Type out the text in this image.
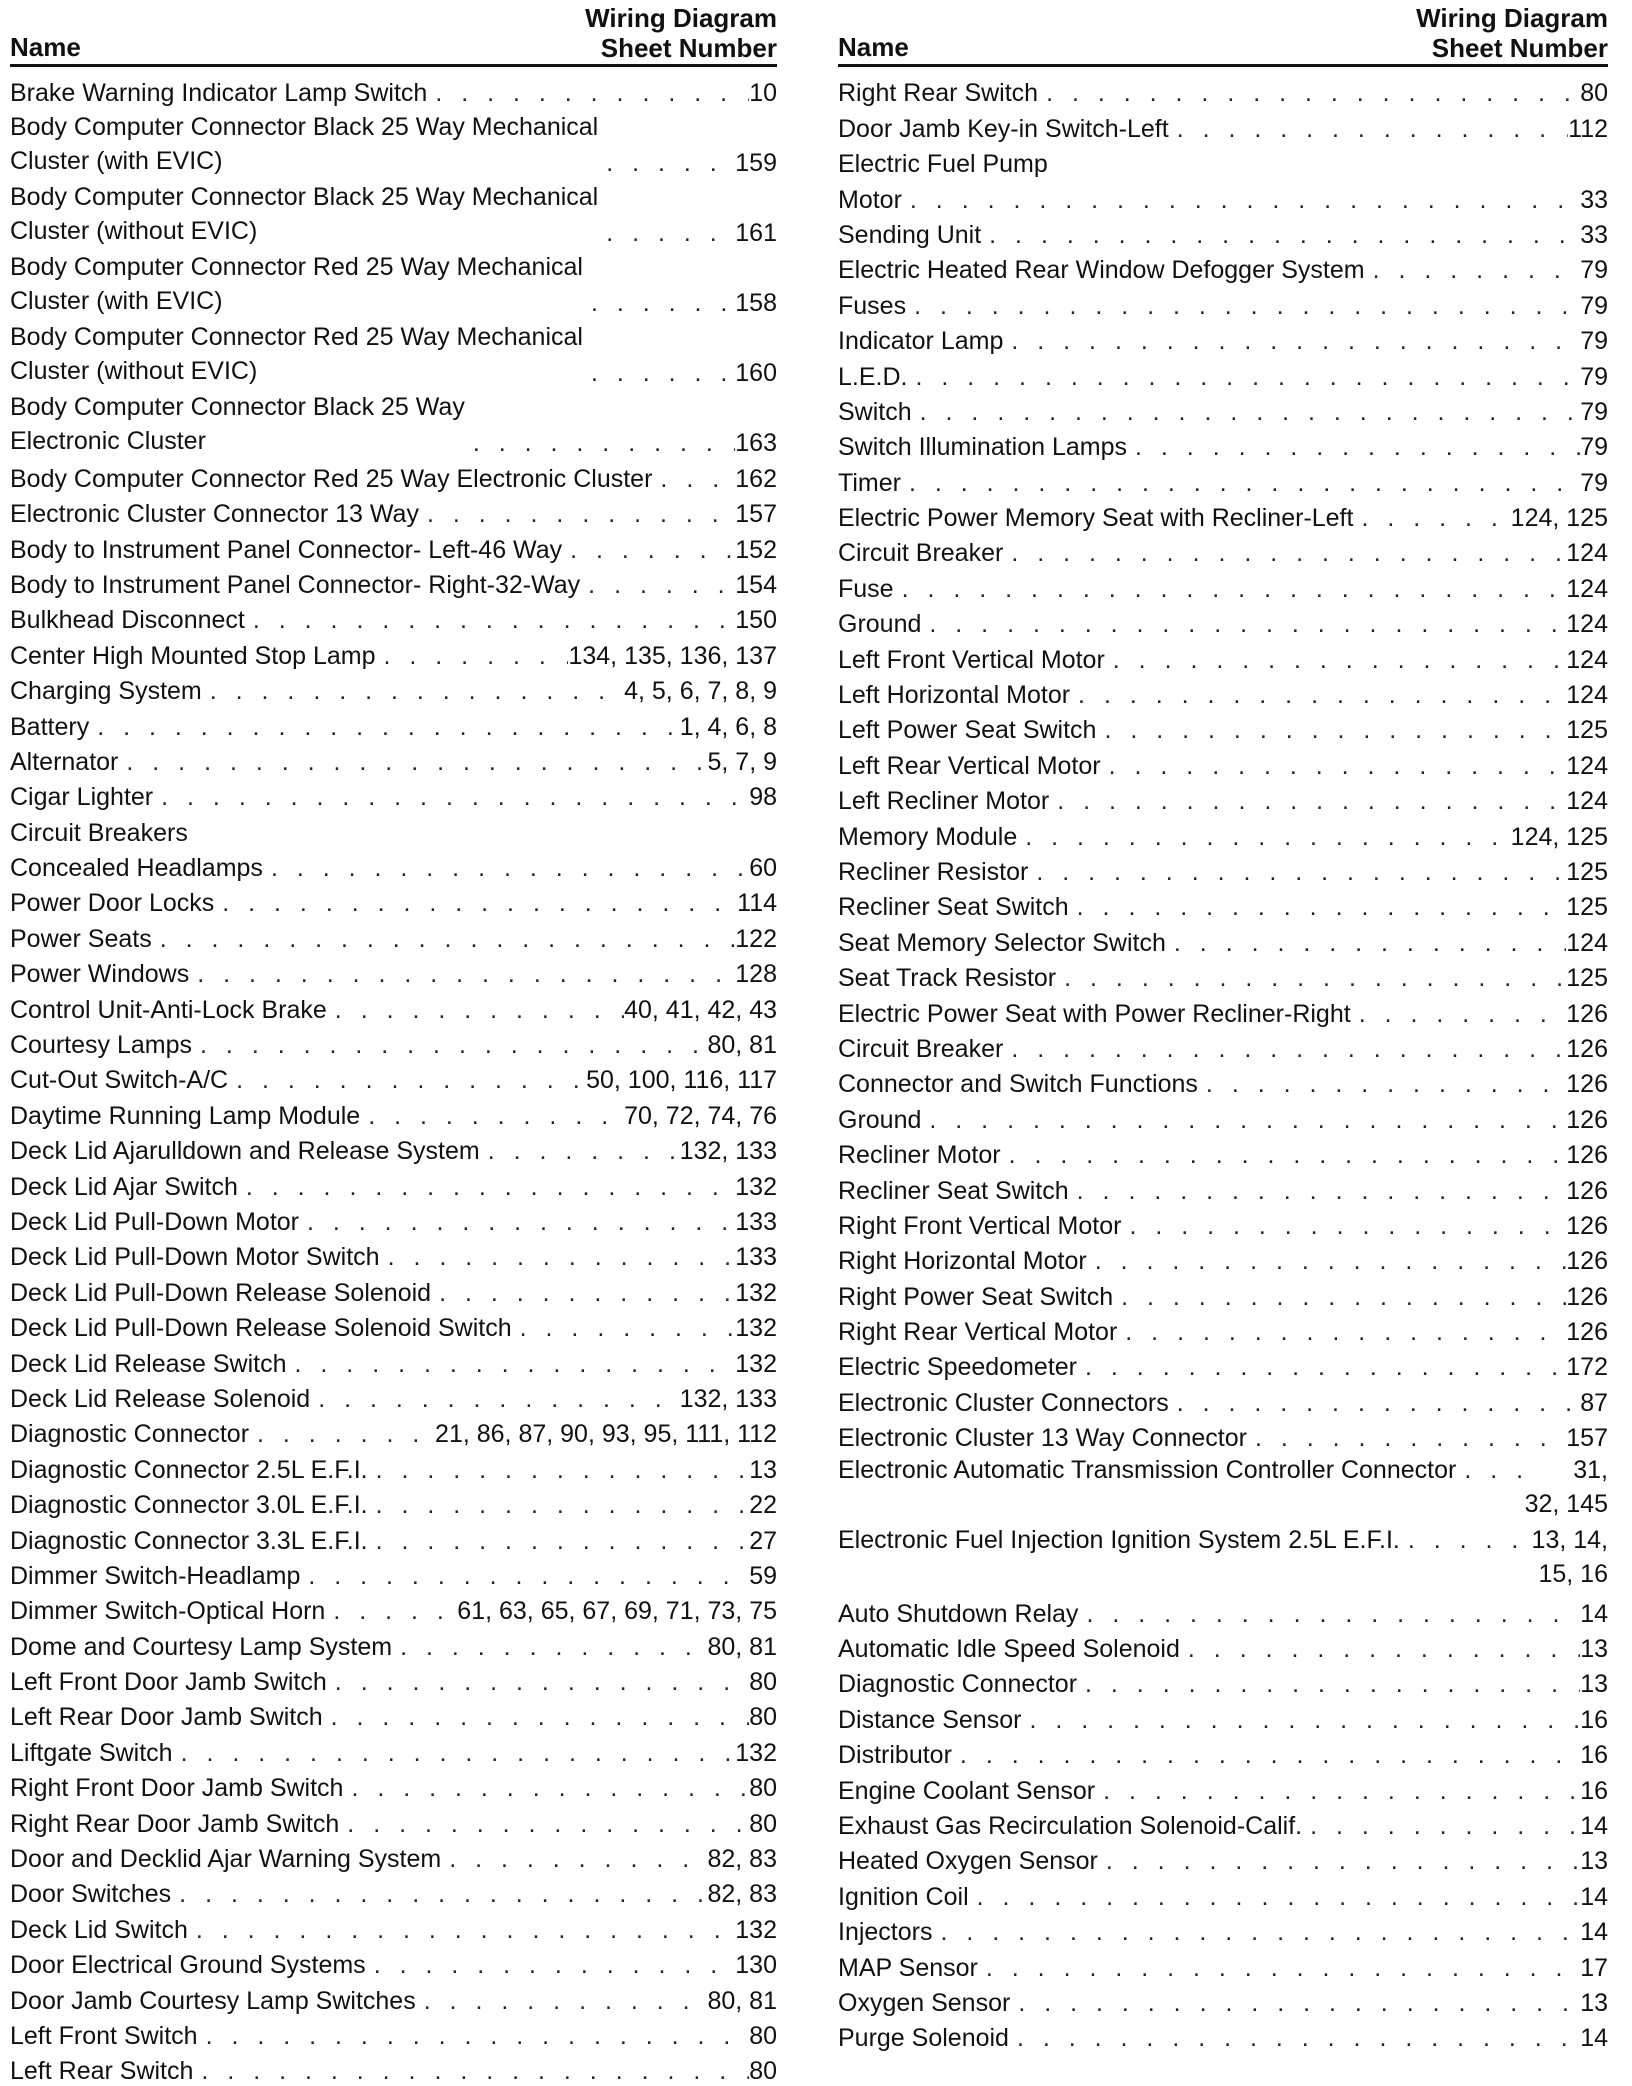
Name
Wiring Diagram
Sheet Number
Brake Warning Indicator Lamp Switch . . .	10
Body Computer Connector Black 25 Way Mechanical
Cluster (with EVIC) . . .	159
Body Computer Connector Black 25 Way Mechanical
Cluster (without EVIC) . . .	161
Body Computer Connector Red 25 Way Mechanical
Cluster (with EVIC) . . .	158
Body Computer Connector Red 25 Way Mechanical
Cluster (without EVIC) . . .	160
Body Computer Connector Black 25 Way
Electronic Cluster . . .	163
Body Computer Connector Red 25 Way Electronic Cluster . . .	162
Electronic Cluster Connector 13 Way . . .	157
Body to Instrument Panel Connector- Left-46 Way . . .	152
Body to Instrument Panel Connector- Right-32-Way . . .	154
Bulkhead Disconnect . . .	150
Center High Mounted Stop Lamp . . .	134, 135, 136, 137
Charging System . . .	4, 5, 6, 7, 8, 9
Battery . . .	1, 4, 6, 8
Alternator . . .	5, 7, 9
Cigar Lighter . . .	98
Circuit Breakers
Concealed Headlamps . . .	60
Power Door Locks . . .	114
Power Seats . . .	122
Power Windows . . .	128
Control Unit-Anti-Lock Brake . . .	40, 41, 42, 43
Courtesy Lamps . . .	80, 81
Cut-Out Switch-A/C . . .	50, 100, 116, 117
Daytime Running Lamp Module . . .	70, 72, 74, 76
Deck Lid Ajarulldown and Release System . . .	132, 133
Deck Lid Ajar Switch . . .	132
Deck Lid Pull-Down Motor . . .	133
Deck Lid Pull-Down Motor Switch . . .	133
Deck Lid Pull-Down Release Solenoid . . .	132
Deck Lid Pull-Down Release Solenoid Switch . . .	132
Deck Lid Release Switch . . .	132
Deck Lid Release Solenoid . . .	132, 133
Diagnostic Connector . . .	21, 86, 87, 90, 93, 95, 111, 112
Diagnostic Connector 2.5L E.F.I. . . .	13
Diagnostic Connector 3.0L E.F.I. . . .	22
Diagnostic Connector 3.3L E.F.I. . . .	27
Dimmer Switch-Headlamp . . .	59
Dimmer Switch-Optical Horn . . .	61, 63, 65, 67, 69, 71, 73, 75
Dome and Courtesy Lamp System . . .	80, 81
Left Front Door Jamb Switch . . .	80
Left Rear Door Jamb Switch . . .	80
Liftgate Switch . . .	132
Right Front Door Jamb Switch . . .	80
Right Rear Door Jamb Switch . . .	80
Door and Decklid Ajar Warning System . . .	82, 83
Door Switches . . .	82, 83
Deck Lid Switch . . .	132
Door Electrical Ground Systems . . .	130
Door Jamb Courtesy Lamp Switches . . .	80, 81
Left Front Switch . . .	80
Left Rear Switch . . .	80
Name
Wiring Diagram
Sheet Number
Right Rear Switch . . .	80
Door Jamb Key-in Switch-Left . . .	112
Electric Fuel Pump
Motor . . .	33
Sending Unit . . .	33
Electric Heated Rear Window Defogger System . . .	79
Fuses . . .	79
Indicator Lamp . . .	79
L.E.D. . . .	79
Switch . . .	79
Switch Illumination Lamps . . .	79
Timer . . .	79
Electric Power Memory Seat with Recliner-Left . . .	124, 125
Circuit Breaker . . .	124
Fuse . . .	124
Ground . . .	124
Left Front Vertical Motor . . .	124
Left Horizontal Motor . . .	124
Left Power Seat Switch . . .	125
Left Rear Vertical Motor . . .	124
Left Recliner Motor . . .	124
Memory Module . . .	124, 125
Recliner Resistor . . .	125
Recliner Seat Switch . . .	125
Seat Memory Selector Switch . . .	124
Seat Track Resistor . . .	125
Electric Power Seat with Power Recliner-Right . . .	126
Circuit Breaker . . .	126
Connector and Switch Functions . . .	126
Ground . . .	126
Recliner Motor . . .	126
Recliner Seat Switch . . .	126
Right Front Vertical Motor . . .	126
Right Horizontal Motor . . .	126
Right Power Seat Switch . . .	126
Right Rear Vertical Motor . . .	126
Electric Speedometer . . .	172
Electronic Cluster Connectors . . .	87
Electronic Cluster 13 Way Connector . . .	157
Electronic Automatic Transmission Controller Connector . . .	31,
32, 145
Electronic Fuel Injection Ignition System 2.5L E.F.I. . . .	13, 14,
15, 16
Auto Shutdown Relay . . .	14
Automatic Idle Speed Solenoid . . .	13
Diagnostic Connector . . .	13
Distance Sensor . . .	16
Distributor . . .	16
Engine Coolant Sensor . . .	16
Exhaust Gas Recirculation Solenoid-Calif. . . .	14
Heated Oxygen Sensor . . .	13
Ignition Coil . . .	14
Injectors . . .	14
MAP Sensor . . .	17
Oxygen Sensor . . .	13
Purge Solenoid . . .	14
